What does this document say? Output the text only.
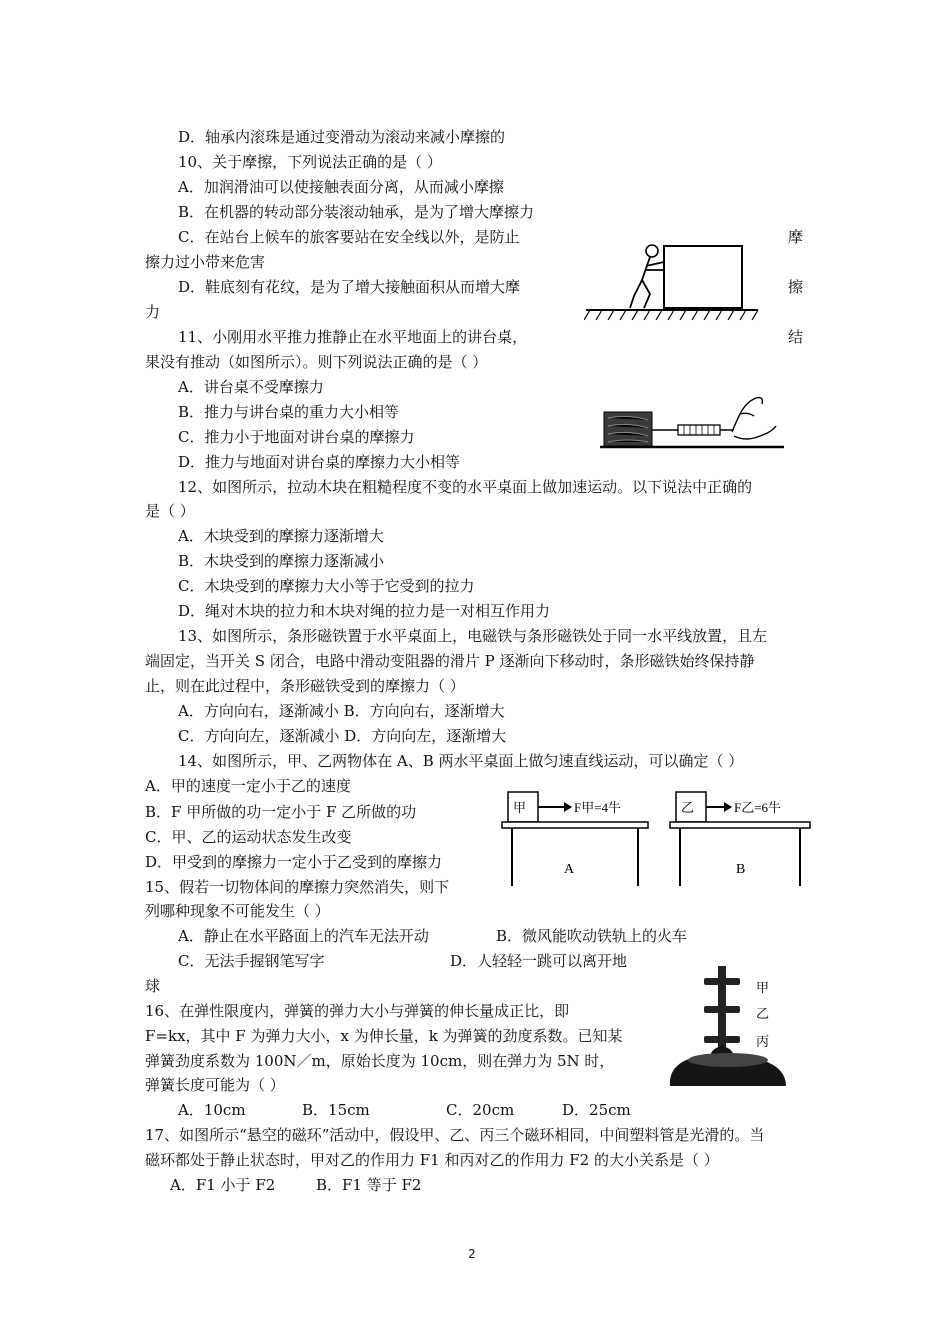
D．轴承内滚珠是通过变滑动为滚动来减小摩擦的
10、关于摩擦，下列说法正确的是（ ）
A．加润滑油可以使接触表面分离，从而减小摩擦
B．在机器的转动部分装滚动轴承，是为了增大摩擦力
C．在站台上候车的旅客要站在安全线以外，是防止	摩
擦力过小带来危害
D．鞋底刻有花纹，是为了增大接触面积从而增大摩	擦
力
11、小刚用水平推力推静止在水平地面上的讲台桌，	结
果没有推动（如图所示）。则下列说法正确的是（ ）
A．讲台桌不受摩擦力
B．推力与讲台桌的重力大小相等
C．推力小于地面对讲台桌的摩擦力
D．推力与地面对讲台桌的摩擦力大小相等
12、如图所示，拉动木块在粗糙程度不变的水平桌面上做加速运动。以下说法中正确的
是（ ）
A．木块受到的摩擦力逐渐增大
B．木块受到的摩擦力逐渐减小
C．木块受到的摩擦力大小等于它受到的拉力
D．绳对木块的拉力和木块对绳的拉力是一对相互作用力
13、如图所示，条形磁铁置于水平桌面上，电磁铁与条形磁铁处于同一水平线放置，且左
端固定，当开关 S 闭合，电路中滑动变阻器的滑片 P 逐渐向下移动时，条形磁铁始终保持静
止，则在此过程中，条形磁铁受到的摩擦力（ ）
A．方向向右，逐渐减小 B．方向向右，逐渐增大
C．方向向左，逐渐减小 D．方向向左，逐渐增大
14、如图所示，甲、乙两物体在 A、B 两水平桌面上做匀速直线运动，可以确定（ ）
A．甲的速度一定小于乙的速度
B．F 甲所做的功一定小于 F 乙所做的功
C．甲、乙的运动状态发生改变
D．甲受到的摩擦力一定小于乙受到的摩擦力
15、假若一切物体间的摩擦力突然消失，则下
列哪种现象不可能发生（ ）
A．静止在水平路面上的汽车无法开动	B．微风能吹动铁轨上的火车
C．无法手握钢笔写字	D．人轻轻一跳可以离开地
球
16、在弹性限度内，弹簧的弹力大小与弹簧的伸长量成正比，即
F=kx，其中 F 为弹力大小，x 为伸长量，k 为弹簧的劲度系数。已知某
弹簧劲度系数为 100N／m，原始长度为 10cm，则在弹力为 5N 时，
弹簧长度可能为（ ）
A．10cm	B．15cm	C．20cm	D．25cm
17、如图所示“悬空的磁环”活动中，假设甲、乙、丙三个磁环相同，中间塑料管是光滑的。当
磁环都处于静止状态时，甲对乙的作用力 F1 和丙对乙的作用力 F2 的大小关系是（ ）
A．F1 小于 F2	B．F1 等于 F2
甲	F甲=4牛
A
乙	F乙=6牛
B
甲
乙
丙
2
